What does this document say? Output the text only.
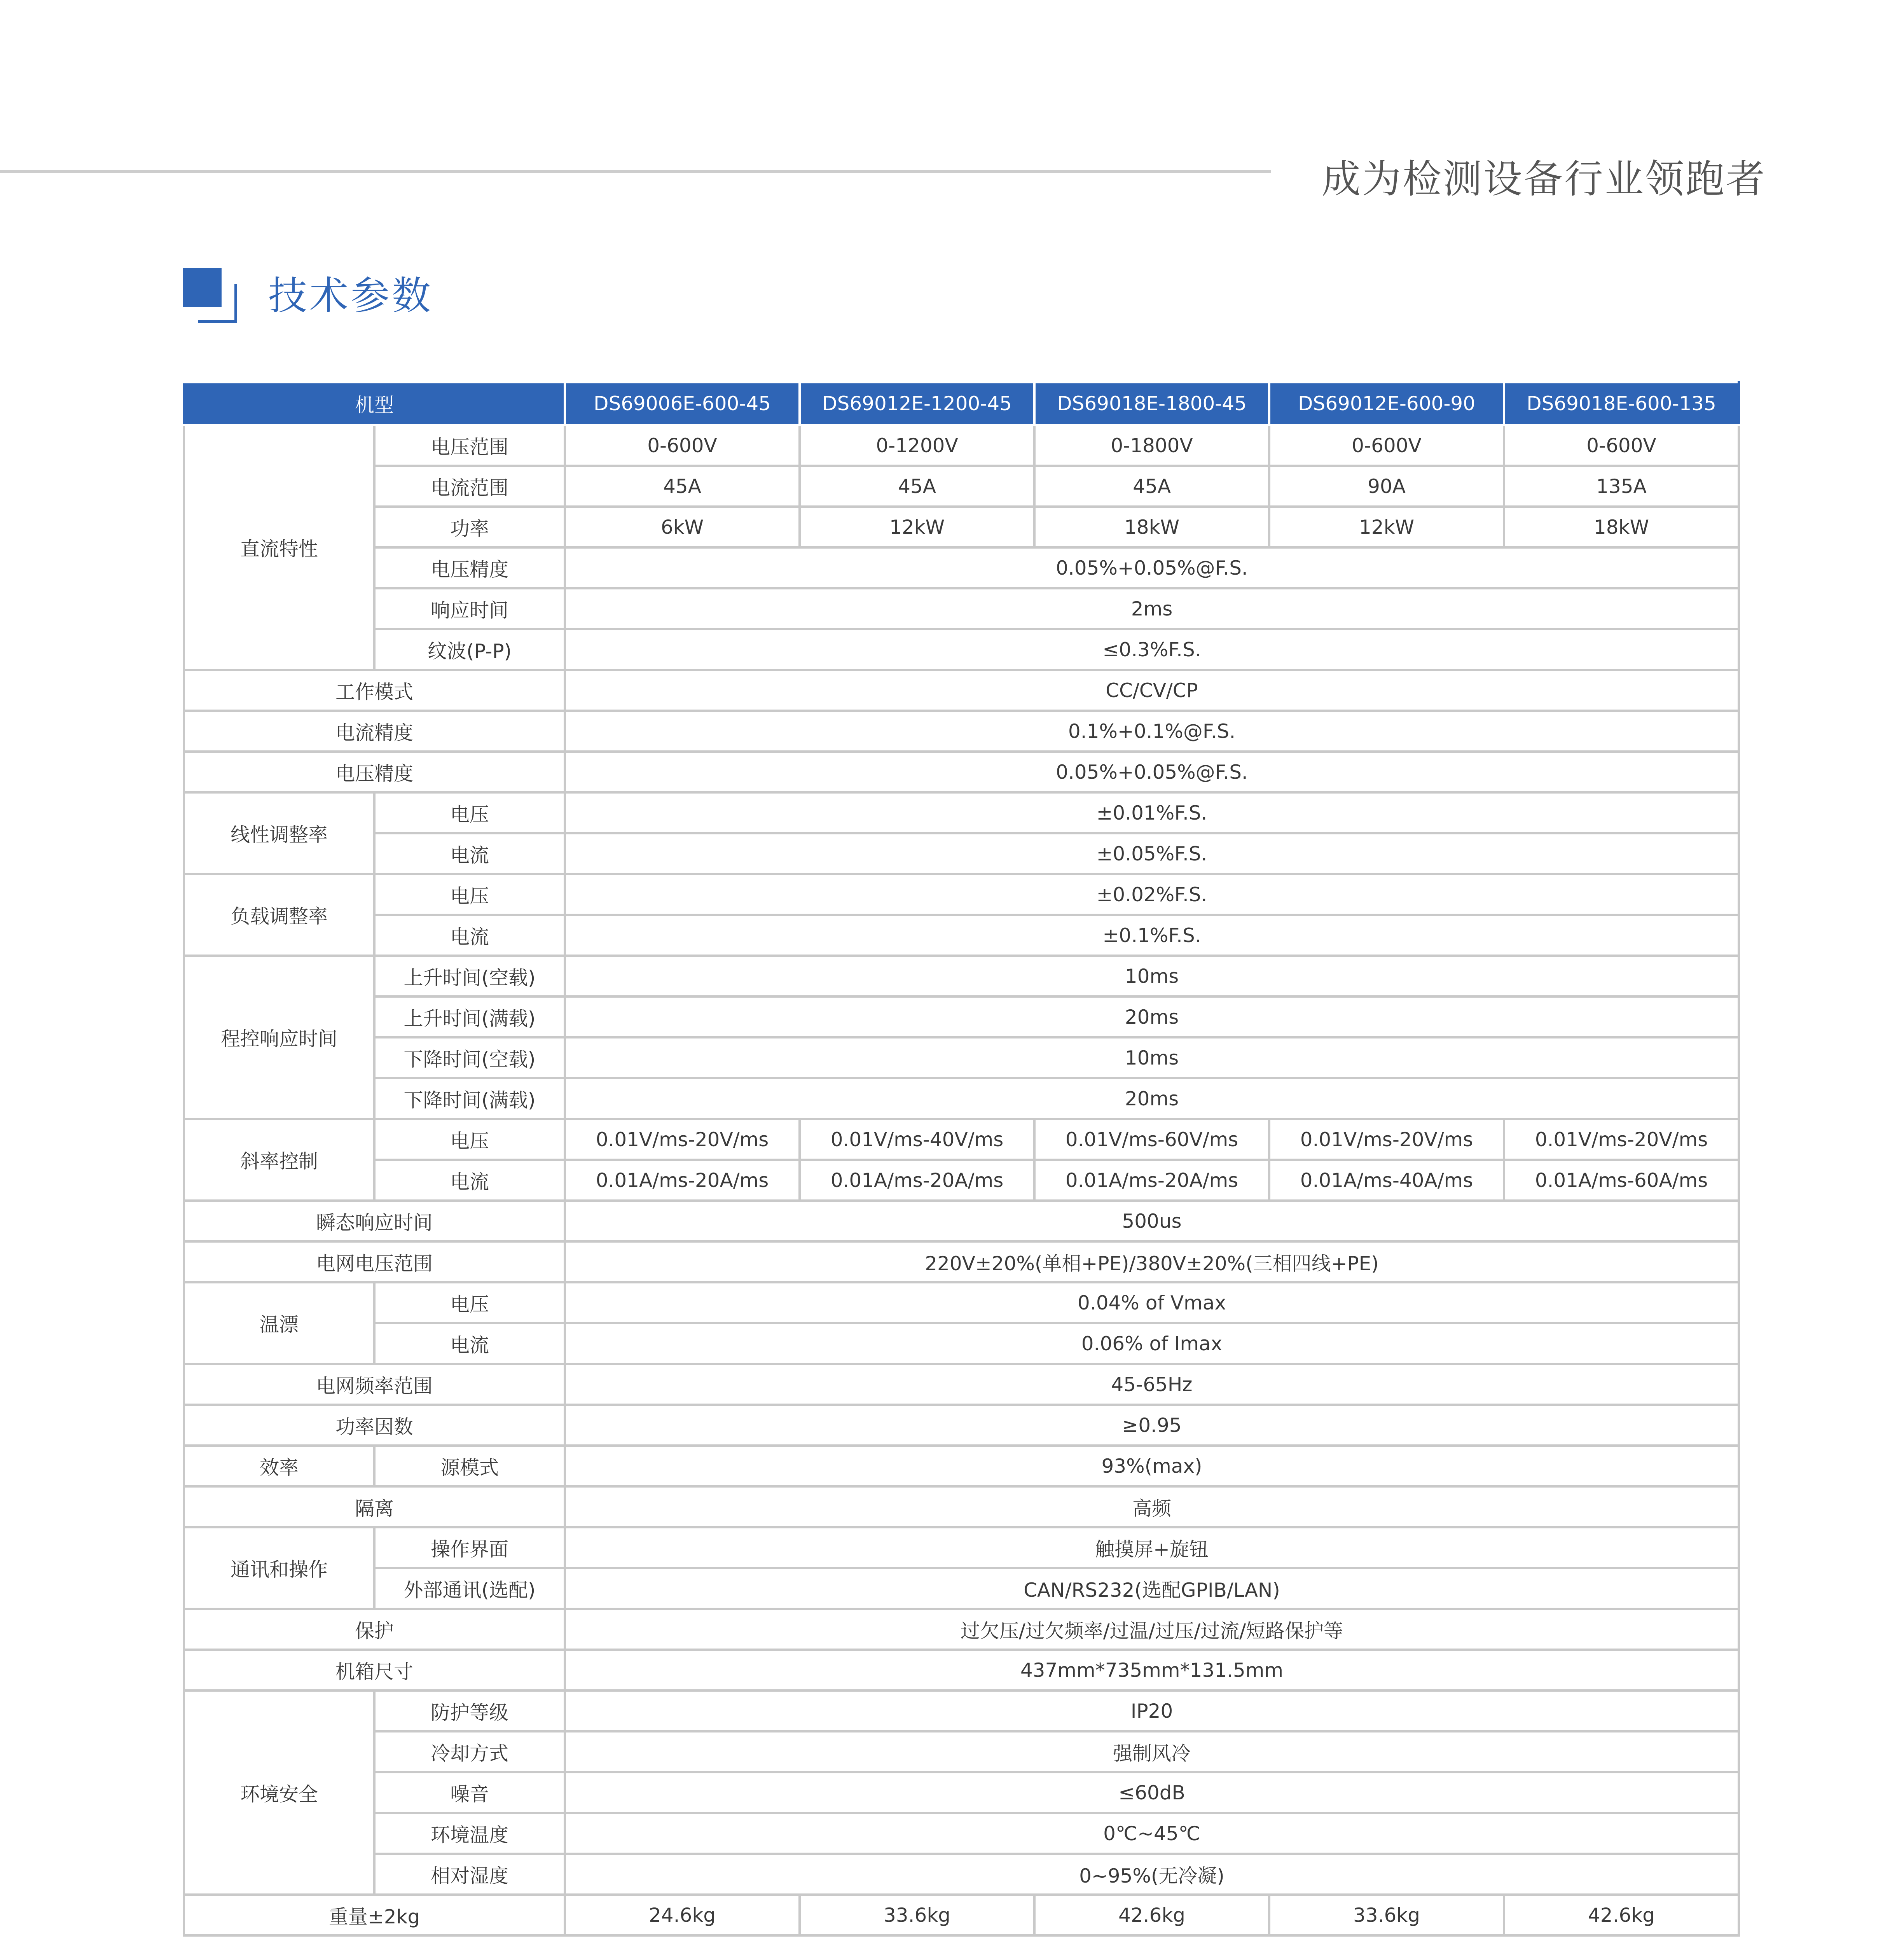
成为检测设备行业领跑者
技术参数
机型		DS69006E-600-45	DS69012E-1200-45	DS69018E-1800-45	DS69012E-600-90	DS69018E-600-135
直流特性	电压范围	0-600V	0-1200V	0-1800V	0-600V	0-600V
	电流范围	45A	45A	45A	90A	135A
	功率	6kW	12kW	18kW	12kW	18kW
	电压精度	0.05%+0.05%@F.S.				
	响应时间	2ms				
	纹波(P-P)	≤0.3%F.S.				
工作模式		CC/CV/CP				
电流精度		0.1%+0.1%@F.S.				
电压精度		0.05%+0.05%@F.S.				
线性调整率	电压	±0.01%F.S.				
	电流	±0.05%F.S.				
负载调整率	电压	±0.02%F.S.				
	电流	±0.1%F.S.				
程控响应时间	上升时间(空载)	10ms				
	上升时间(满载)	20ms				
	下降时间(空载)	10ms				
	下降时间(满载)	20ms				
斜率控制	电压	0.01V/ms-20V/ms	0.01V/ms-40V/ms	0.01V/ms-60V/ms	0.01V/ms-20V/ms	0.01V/ms-20V/ms
	电流	0.01A/ms-20A/ms	0.01A/ms-20A/ms	0.01A/ms-20A/ms	0.01A/ms-40A/ms	0.01A/ms-60A/ms
瞬态响应时间		500us				
电网电压范围		220V±20%(单相+PE)/380V±20%(三相四线+PE)				
温漂	电压	0.04% of Vmax				
	电流	0.06% of Imax				
电网频率范围		45-65Hz				
功率因数		≥0.95				
效率	源模式	93%(max)				
隔离		高频				
通讯和操作	操作界面	触摸屏+旋钮				
	外部通讯(选配)	CAN/RS232(选配GPIB/LAN)				
保护		过欠压/过欠频率/过温/过压/过流/短路保护等				
机箱尺寸		437mm*735mm*131.5mm				
环境安全	防护等级	IP20				
	冷却方式	强制风冷				
	噪音	≤60dB				
	环境温度	0℃~45℃				
	相对湿度	0~95%(无冷凝)				
重量±2kg		24.6kg	33.6kg	42.6kg	33.6kg	42.6kg
